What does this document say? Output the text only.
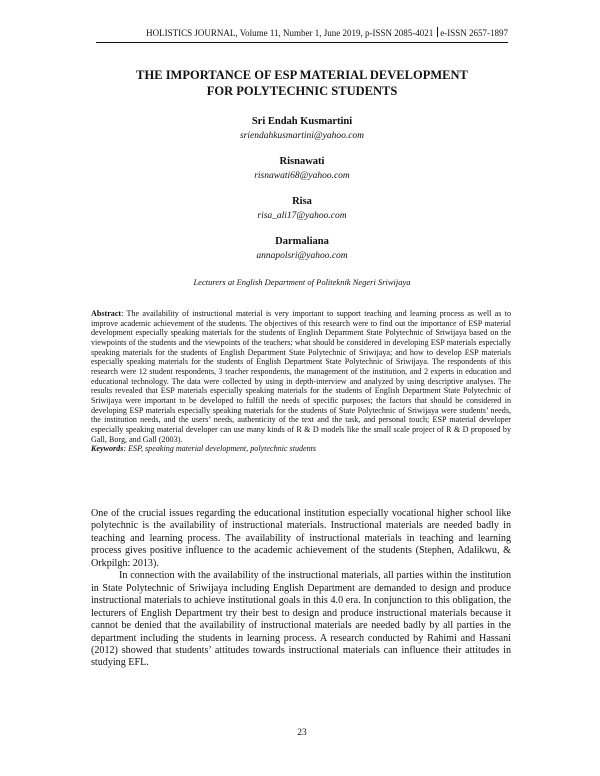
HOLISTICS JOURNAL, Volume 11, Number 1, June 2019, p-ISSN 2085-4021 e-ISSN 2657-1897
THE IMPORTANCE OF ESP MATERIAL DEVELOPMENT
FOR POLYTECHNIC STUDENTS
Sri Endah Kusmartini
sriendahkusmartini@yahoo.com
Risnawati
risnawati68@yahoo.com
Risa
risa_ali17@yahoo.com
Darmaliana
annapolsri@yahoo.com
Lecturers at English Department of Politeknik Negeri Sriwijaya
Abstract: The availability of instructional material is very important to support teaching and learning process as well as to improve academic achievement of the students. The objectives of this research were to find out the importance of ESP material development especially speaking materials for the students of English Department State Polytechnic of Sriwijaya based on the viewpoints of the students and the viewpoints of the teachers; what should be considered in developing ESP materials especially speaking materials for the students of English Department State Polytechnic of Sriwijaya; and how to develop ESP materials especially speaking materials for the students of English Department State Polytechnic of Sriwijaya. The respondents of this research were 12 student respondents, 3 teacher respondents, the management of the institution, and 2 experts in education and educational technology. The data were collected by using in depth-interview and analyzed by using descriptive analyses. The results revealed that ESP materials especially speaking materials for the students of English Department State Polytechnic of Sriwijaya were important to be developed to fulfill the needs of specific purposes; the factors that should be considered in developing ESP materials especially speaking materials for the students of State Polytechnic of Sriwijaya were students’ needs, the institution needs, and the users’ needs, authenticity of the text and the task, and personal touch; ESP material developer especially speaking material developer can use many kinds of R & D models like the small scale project of R & D proposed by Gall, Borg, and Gall (2003).
Keywords: ESP, speaking material development, polytechnic students

One of the crucial issues regarding the educational institution especially vocational higher school like polytechnic is the availability of instructional materials. Instructional materials are needed badly in teaching and learning process. The availability of instructional materials in teaching and learning process gives positive influence to the academic achievement of the students (Stephen, Adalikwu, & Orkpilgh: 2013).

In connection with the availability of the instructional materials, all parties within the institution in State Polytechnic of Sriwijaya including English Department are demanded to design and produce instructional materials to achieve institutional goals in this 4.0 era. In conjunction to this obligation, the lecturers of English Department try their best to design and produce instructional materials because it cannot be denied that the availability of instructional materials are needed badly by all parties in the department including the students in learning process. A research conducted by Rahimi and Hassani (2012) showed that students’ attitudes towards instructional materials can influence their attitudes in studying EFL.

23
